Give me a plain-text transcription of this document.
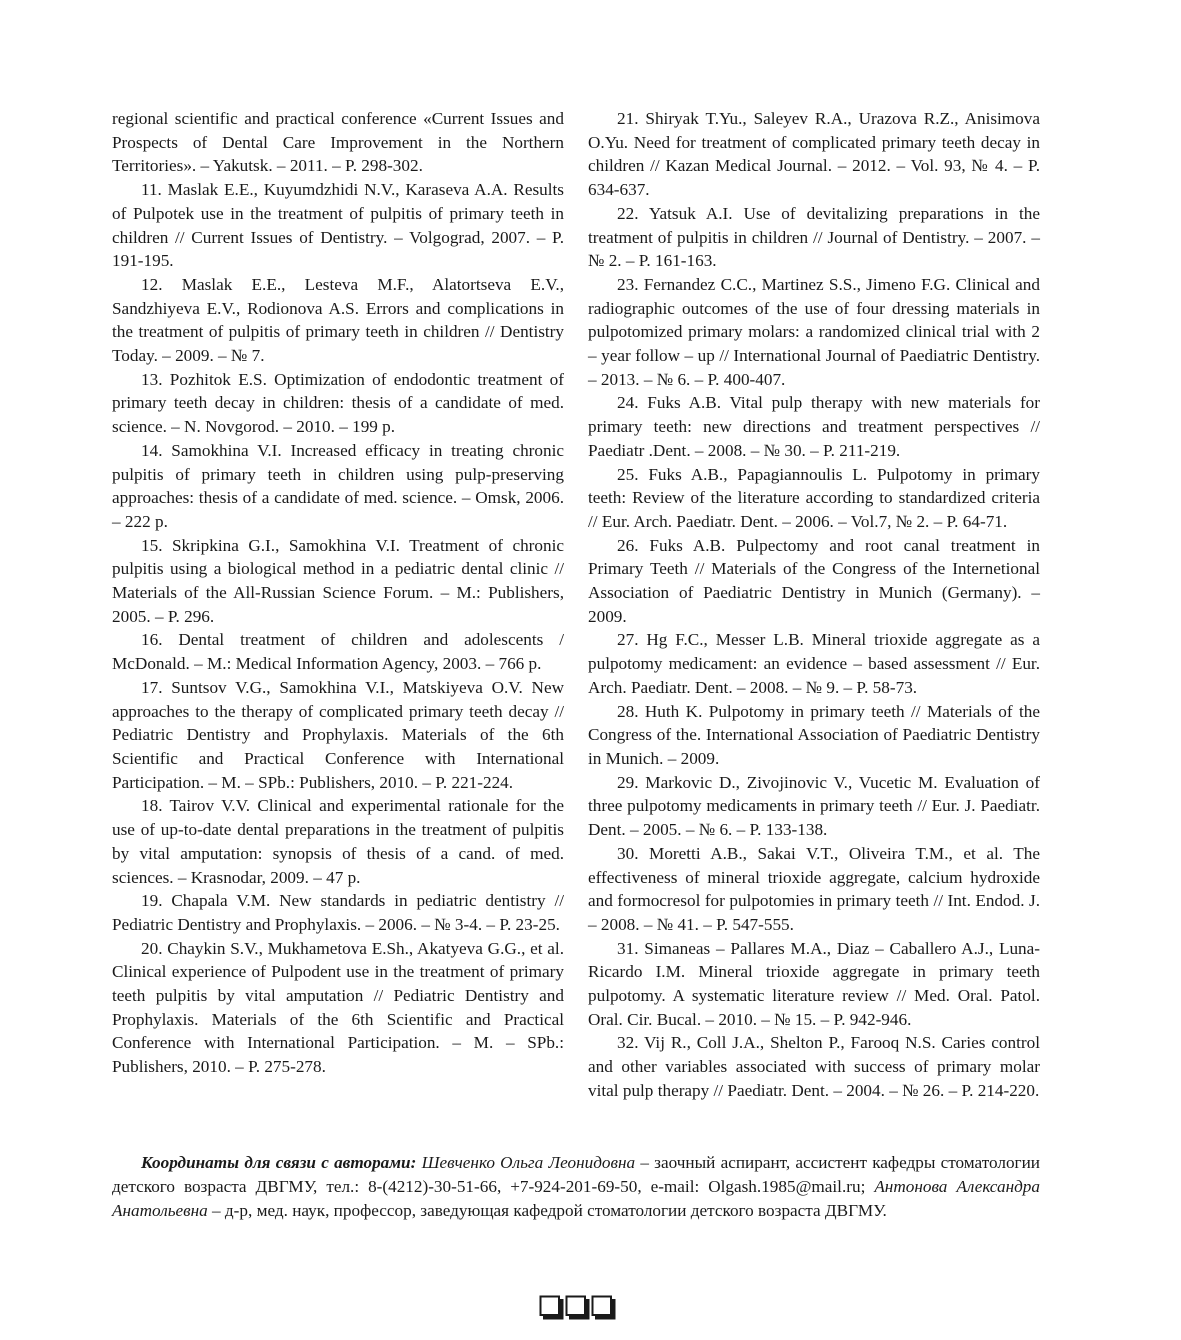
regional scientific and practical conference «Current Issues and Prospects of Dental Care Improvement in the Northern Territories». – Yakutsk. – 2011. – P. 298-302.

11. Maslak E.E., Kuyumdzhidi N.V., Karaseva A.A. Results of Pulpotek use in the treatment of pulpitis of primary teeth in children // Current Issues of Dentistry. – Volgograd, 2007. – P. 191-195.

12. Maslak E.E., Lesteva M.F., Alatortseva E.V., Sandzhiyeva E.V., Rodionova A.S. Errors and complications in the treatment of pulpitis of primary teeth in children // Dentistry Today. – 2009. – № 7.

13. Pozhitok E.S. Optimization of endodontic treatment of primary teeth decay in children: thesis of a candidate of med. science. – N. Novgorod. – 2010. – 199 p.

14. Samokhina V.I. Increased efficacy in treating chronic pulpitis of primary teeth in children using pulp-preserving approaches: thesis of a candidate of med. science. – Omsk, 2006. – 222 p.

15. Skripkina G.I., Samokhina V.I. Treatment of chronic pulpitis using a biological method in a pediatric dental clinic // Materials of the All-Russian Science Forum. – M.: Publishers, 2005. – P. 296.

16. Dental treatment of children and adolescents / McDonald. – M.: Medical Information Agency, 2003. – 766 p.

17. Suntsov V.G., Samokhina V.I., Matskiyeva O.V. New approaches to the therapy of complicated primary teeth decay // Pediatric Dentistry and Prophylaxis. Materials of the 6th Scientific and Practical Conference with International Participation. – M. – SPb.: Publishers, 2010. – P. 221-224.

18. Tairov V.V. Clinical and experimental rationale for the use of up-to-date dental preparations in the treatment of pulpitis by vital amputation: synopsis of thesis of a cand. of med. sciences. – Krasnodar, 2009. – 47 p.

19. Chapala V.M. New standards in pediatric dentistry // Pediatric Dentistry and Prophylaxis. – 2006. – № 3-4. – P. 23-25.

20. Chaykin S.V., Mukhametova E.Sh., Akatyeva G.G., et al. Clinical experience of Pulpodent use in the treatment of primary teeth pulpitis by vital amputation // Pediatric Dentistry and Prophylaxis. Materials of the 6th Scientific and Practical Conference with International Participation. – M. – SPb.: Publishers, 2010. – P. 275-278.

21. Shiryak T.Yu., Saleyev R.A., Urazova R.Z., Anisimova O.Yu. Need for treatment of complicated primary teeth decay in children // Kazan Medical Journal. – 2012. – Vol. 93, № 4. – P. 634-637.

22. Yatsuk A.I. Use of devitalizing preparations in the treatment of pulpitis in children // Journal of Dentistry. – 2007. – № 2. – P. 161-163.

23. Fernandez C.C., Martinez S.S., Jimeno F.G. Clinical and radiographic outcomes of the use of four dressing materials in pulpotomized primary molars: a randomized clinical trial with 2 – year follow – up // International Journal of Paediatric Dentistry. – 2013. – № 6. – P. 400-407.

24. Fuks A.B. Vital pulp therapy with new materials for primary teeth: new directions and treatment perspectives // Paediatr .Dent. – 2008. – № 30. – P. 211-219.

25. Fuks A.B., Papagiannoulis L. Pulpotomy in primary teeth: Review of the literature according to standardized criteria // Eur. Arch. Paediatr. Dent. – 2006. – Vol.7, № 2. – P. 64-71.

26. Fuks A.B. Pulpectomy and root canal treatment in Primary Teeth // Materials of the Congress of the Internetional Association of Paediatric Dentistry in Munich (Germany). – 2009.

27. Hg F.C., Messer L.B. Mineral trioxide aggregate as a pulpotomy medicament: an evidence – based assessment // Eur. Arch. Paediatr. Dent. – 2008. – № 9. – P. 58-73.

28. Huth K. Pulpotomy in primary teeth // Materials of the Congress of the. International Association of Paediatric Dentistry in Munich. – 2009.

29. Markovic D., Zivojinovic V., Vucetic M. Evaluation of three pulpotomy medicaments in primary teeth // Eur. J. Paediatr. Dent. – 2005. – № 6. – P. 133-138.

30. Moretti A.B., Sakai V.T., Oliveira T.M., et al. The effectiveness of mineral trioxide aggregate, calcium hydroxide and formocresol for pulpotomies in primary teeth // Int. Endod. J. – 2008. – № 41. – P. 547-555.

31. Simaneas – Pallares M.A., Diaz – Caballero A.J., Luna-Ricardo I.M. Mineral trioxide aggregate in primary teeth pulpotomy. A systematic literature review // Med. Oral. Patol. Oral. Cir. Bucal. – 2010. – № 15. – P. 942-946.

32. Vij R., Coll J.A., Shelton P., Farooq N.S. Caries control and other variables associated with success of primary molar vital pulp therapy // Paediatr. Dent. – 2004. – № 26. – P. 214-220.

Координаты для связи с авторами: Шевченко Ольга Леонидовна – заочный аспирант, ассистент кафедры стоматологии детского возраста ДВГМУ, тел.: 8-(4212)-30-51-66, +7-924-201-69-50, e-mail: Olgash.1985@mail.ru; Антонова Александра Анатольевна – д-р, мед. наук, профессор, заведующая кафедрой стоматологии детского возраста ДВГМУ.
